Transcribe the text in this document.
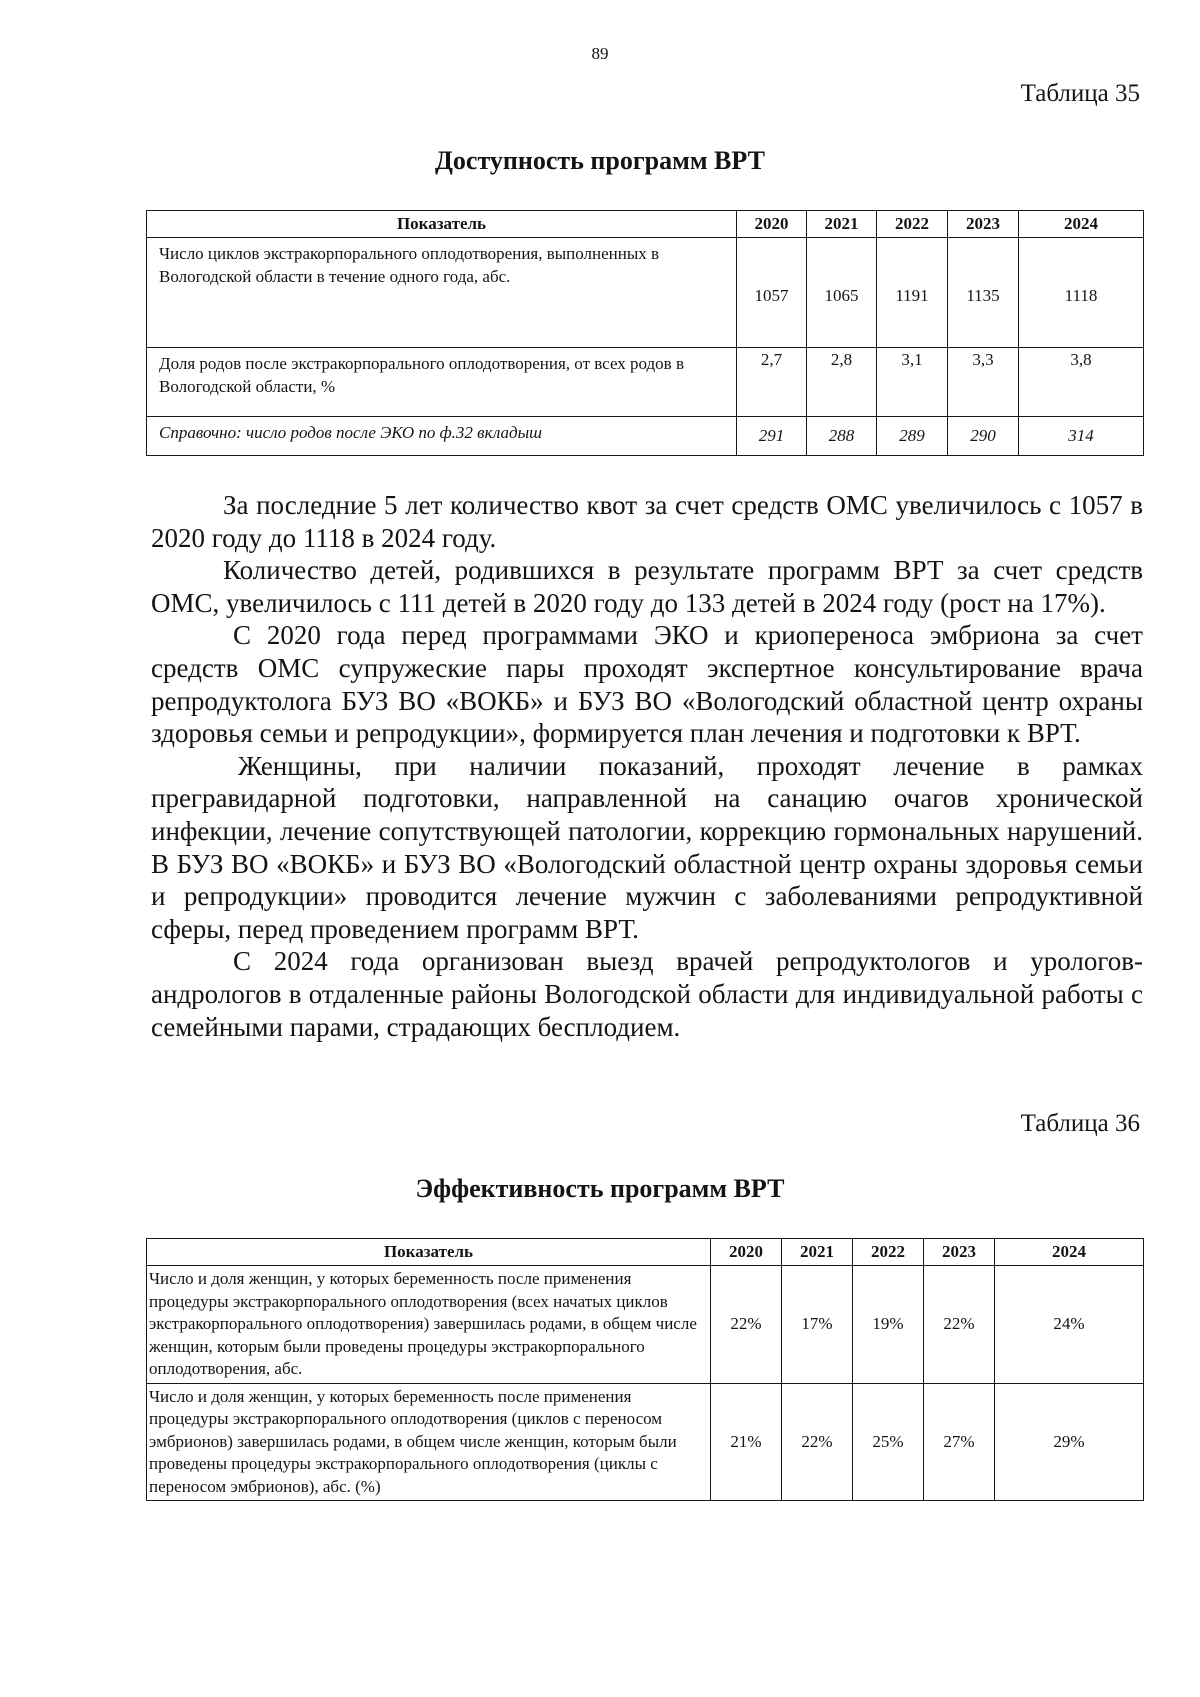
89
Таблица 35
Доступность программ ВРТ
Показатель	2020	2021	2022	2023	2024
Число циклов экстракорпорального оплодотворения, выполненных в Вологодской области в течение одного года, абс.	1057	1065	1191	1135	1118
Доля родов после экстракорпорального оплодотворения, от всех родов в Вологодской области, %	2,7	2,8	3,1	3,3	3,8
Справочно: число родов после ЭКО по ф.32 вкладыш	291	288	289	290	314

За последние 5 лет количество квот за счет средств ОМС увеличилось с 1057 в 2020 году до 1118 в 2024 году.

Количество детей, родившихся в результате программ ВРТ за счет средств ОМС, увеличилось с 111 детей в 2020 году до 133 детей в 2024 году (рост на 17%).

С 2020 года перед программами ЭКО и криопереноса эмбриона за счет средств ОМС супружеские пары проходят экспертное консультирование врача репродуктолога БУЗ ВО «ВОКБ» и БУЗ ВО «Вологодский областной центр охраны здоровья семьи и репродукции», формируется план лечения и подготовки к ВРТ.

Женщины, при наличии показаний, проходят лечение в рамках прегравидарной подготовки, направленной на санацию очагов хронической инфекции, лечение сопутствующей патологии, коррекцию гормональных нарушений. В БУЗ ВО «ВОКБ» и БУЗ ВО «Вологодский областной центр охраны здоровья семьи и репродукции» проводится лечение мужчин с заболеваниями репродуктивной сферы, перед проведением программ ВРТ.

С 2024 года организован выезд врачей репродуктологов и урологов-андрологов в отдаленные районы Вологодской области для индивидуальной работы с семейными парами, страдающих бесплодием.

Таблица 36
Эффективность программ ВРТ
Показатель	2020	2021	2022	2023	2024
Число и доля женщин, у которых беременность после применения процедуры экстракорпорального оплодотворения (всех начатых циклов экстракорпорального оплодотворения) завершилась родами, в общем числе женщин, которым были проведены процедуры экстракорпорального оплодотворения, абс.	22%	17%	19%	22%	24%
Число и доля женщин, у которых беременность после применения процедуры экстракорпорального оплодотворения (циклов с переносом эмбрионов) завершилась родами, в общем числе женщин, которым были проведены процедуры экстракорпорального оплодотворения (циклы с переносом эмбрионов), абс. (%)	21%	22%	25%	27%	29%
